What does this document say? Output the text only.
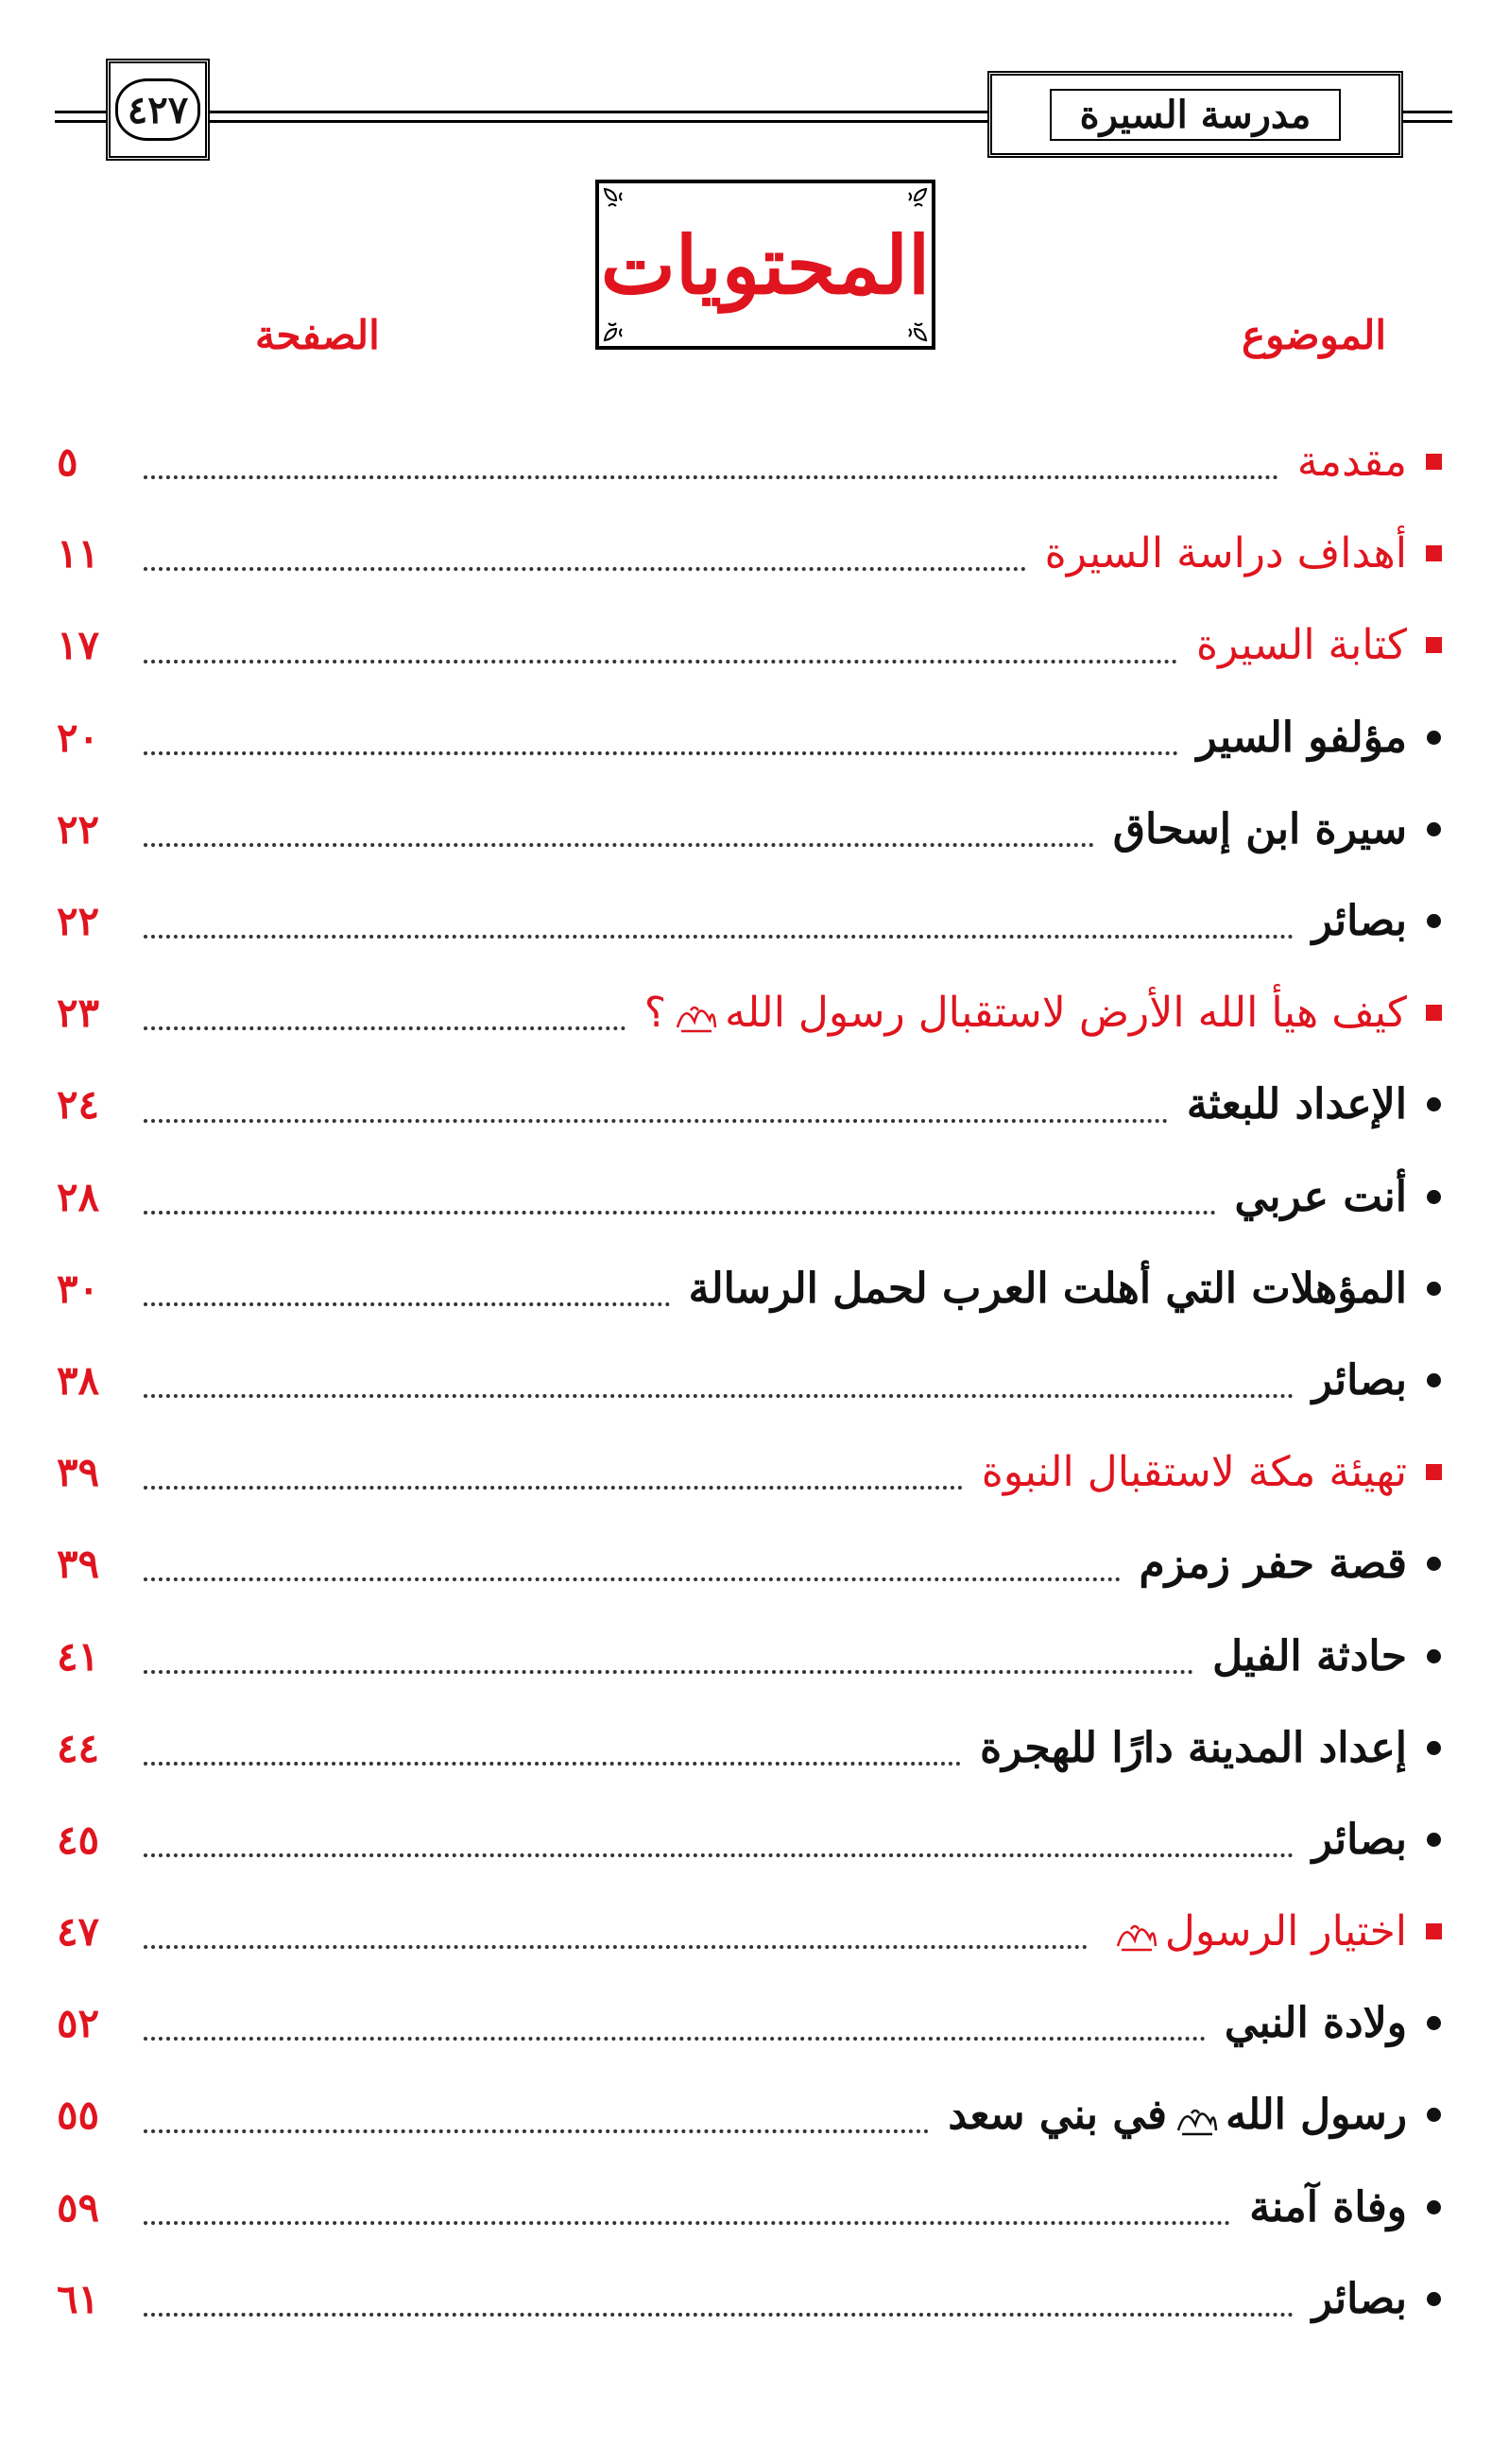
٤٢٧	مدرسة السيرة
المحتويات
الموضوع
الصفحة
مقدمة
٥
أهداف دراسة السيرة
١١
كتابة السيرة
١٧
مؤلفو السير
٢٠
سيرة ابن إسحاق
٢٢
بصائر
٢٢
كيف هيأ الله الأرض لاستقبال رسول الله؟
٢٣
الإعداد للبعثة
٢٤
أنت عربي
٢٨
المؤهلات التي أهلت العرب لحمل الرسالة
٣٠
بصائر
٣٨
تهيئة مكة لاستقبال النبوة
٣٩
قصة حفر زمزم
٣٩
حادثة الفيل
٤١
إعداد المدينة دارًا للهجرة
٤٤
بصائر
٤٥
اختيار الرسول
٤٧
ولادة النبي
٥٢
رسول اللهفي بني سعد
٥٥
وفاة آمنة
٥٩
بصائر
٦١
